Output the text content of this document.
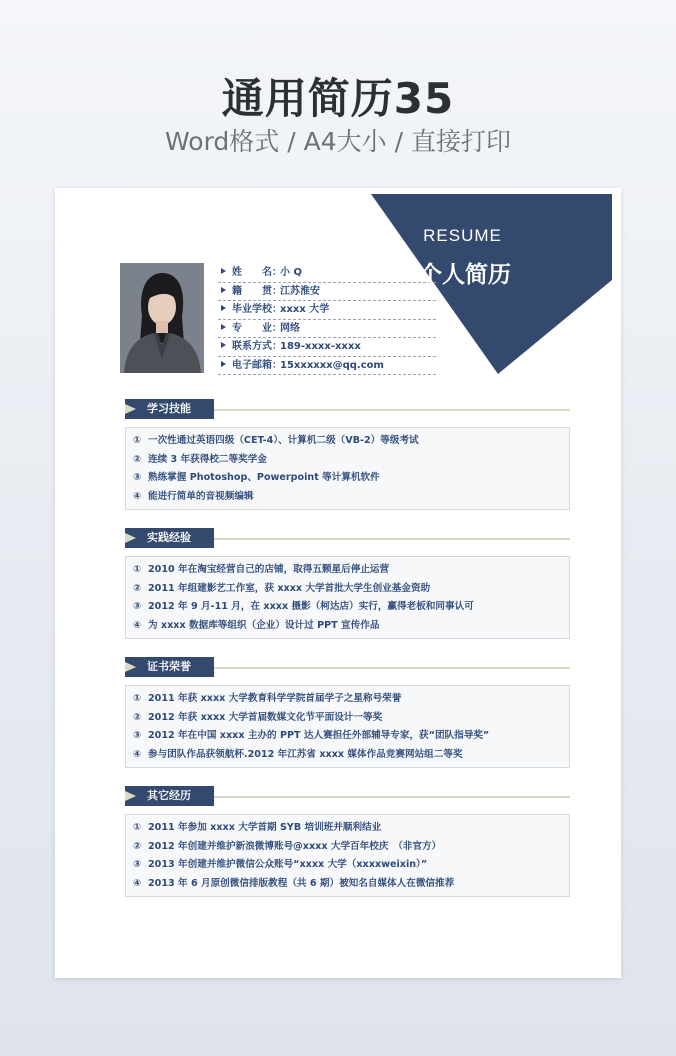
通用简历35
Word格式 / A4大小 / 直接打印
姓　　名：小 Q
籍　　贯：江苏淮安
毕业学校：xxxx 大学
专　　业：网络
联系方式：189-xxxx-xxxx
电子邮箱：15xxxxxx@qq.com
学习技能
① 一次性通过英语四级（CET-4）、计算机二级（VB-2）等级考试
② 连续 3 年获得校二等奖学金
③ 熟练掌握 Photoshop、Powerpoint 等计算机软件
④ 能进行简单的音视频编辑
实践经验
① 2010 年在淘宝经营自己的店铺，取得五颗星后停止运营
② 2011 年组建影艺工作室，获 xxxx 大学首批大学生创业基金资助
③ 2012 年 9 月-11 月，在 xxxx 摄影（柯达店）实行，赢得老板和同事认可
④ 为 xxxx 数据库等组织（企业）设计过 PPT 宣传作品
证书荣誉
① 2011 年获 xxxx 大学教育科学学院首届学子之星称号荣誉
② 2012 年获 xxxx 大学首届数媒文化节平面设计一等奖
③ 2012 年在中国 xxxx 主办的 PPT 达人赛担任外部辅导专家，获“团队指导奖”
④ 参与团队作品获领航杯.2012 年江苏省 xxxx 媒体作品竞赛网站组二等奖
其它经历
① 2011 年参加 xxxx 大学首期 SYB 培训班并顺利结业
② 2012 年创建并维护新浪微博账号@xxxx 大学百年校庆　（非官方）
③ 2013 年创建并维护微信公众账号“xxxx 大学（xxxxweixin）”
④ 2013 年 6 月原创微信排版教程（共 6 期）被知名自媒体人在微信推荐
RESUME
个人简历
